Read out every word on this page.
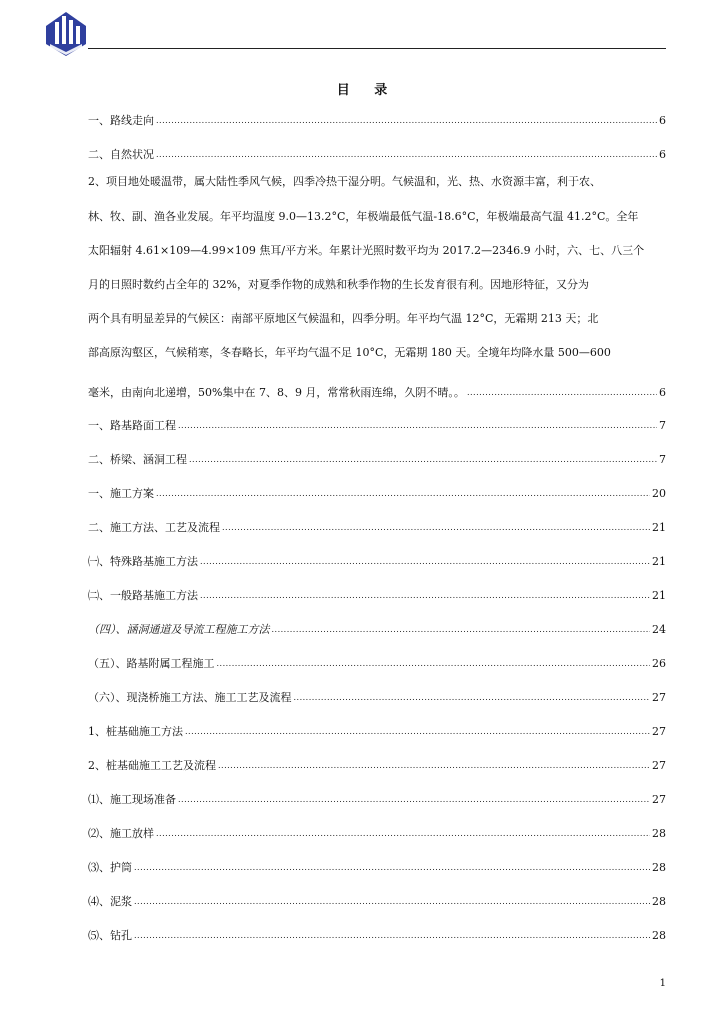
目 录
一、路线走向 .....	6
二、自然状况 .....	6
2、项目地处暖温带，属大陆性季风气候，四季冷热干湿分明。气候温和，光、热、水资源丰富，利于农、
林、牧、副、渔各业发展。年平均温度 9.0—13.2°C，年极端最低气温-18.6°C，年极端最高气温 41.2°C。全年
太阳辐射 4.61×109—4.99×109 焦耳/平方米。年累计光照时数平均为 2017.2—2346.9 小时，六、七、八三个
月的日照时数约占全年的 32%，对夏季作物的成熟和秋季作物的生长发育很有利。因地形特征，又分为
两个具有明显差异的气候区：南部平原地区气候温和，四季分明。年平均气温 12°C，无霜期 213 天；北
部高原沟壑区，气候稍寒，冬春略长，年平均气温不足 10°C，无霜期 180 天。全境年均降水量 500—600
毫米，由南向北递增，50%集中在 7、8、9 月，常常秋雨连绵，久阴不晴。。 .....	6
一、路基路面工程 .....	7
二、桥梁、涵洞工程 .....	7
一、施工方案 .....	20
二、施工方法、工艺及流程 .....	21
㈠、特殊路基施工方法 .....	21
㈡、一般路基施工方法 .....	21
（四）、涵洞通道及导流工程施工方法 .....	24
（五）、路基附属工程施工 .....	26
（六）、现浇桥施工方法、施工工艺及流程 .....	27
1、桩基础施工方法 .....	27
2、桩基础施工工艺及流程 .....	27
⑴、施工现场准备 .....	27
⑵、施工放样 .....	28
⑶、护筒 .....	28
⑷、泥浆 .....	28
⑸、钻孔 .....	28
1
